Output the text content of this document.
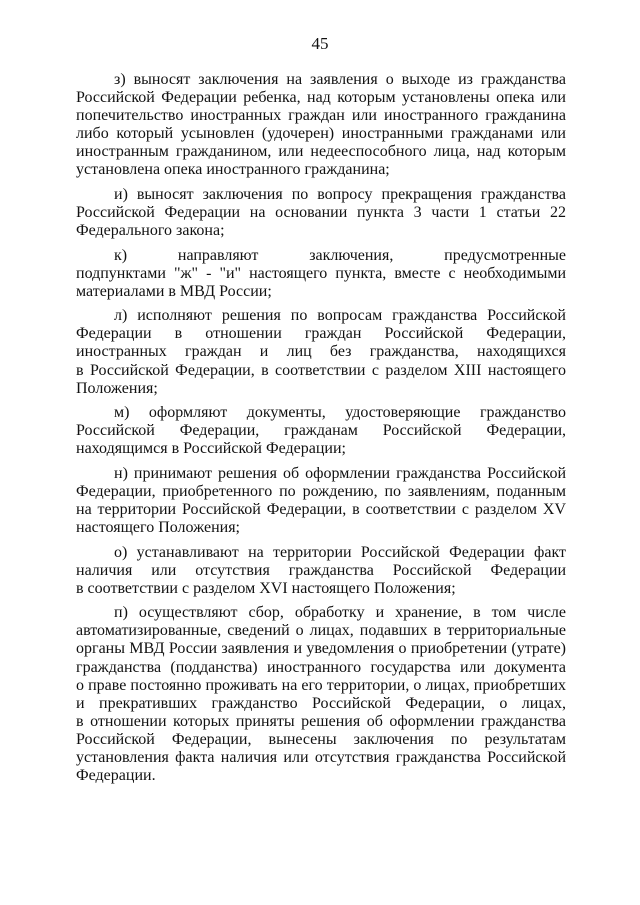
45
з) выносят заключения на заявления о выходе из гражданства
Российской Федерации ребенка, над которым установлены опека или
попечительство иностранных граждан или иностранного гражданина
либо который усыновлен (удочерен) иностранными гражданами или
иностранным гражданином, или недееспособного лица, над которым
установлена опека иностранного гражданина;
и) выносят заключения по вопросу прекращения гражданства
Российской Федерации на основании пункта 3 части 1 статьи 22
Федерального закона;
к) направляют заключения, предусмотренные
подпунктами "ж" - "и" настоящего пункта, вместе с необходимыми
материалами в МВД России;
л) исполняют решения по вопросам гражданства Российской
Федерации в отношении граждан Российской Федерации,
иностранных граждан и лиц без гражданства, находящихся
в Российской Федерации, в соответствии с разделом XIII настоящего
Положения;
м) оформляют документы, удостоверяющие гражданство
Российской Федерации, гражданам Российской Федерации,
находящимся в Российской Федерации;
н) принимают решения об оформлении гражданства Российской
Федерации, приобретенного по рождению, по заявлениям, поданным
на территории Российской Федерации, в соответствии с разделом XV
настоящего Положения;
о) устанавливают на территории Российской Федерации факт
наличия или отсутствия гражданства Российской Федерации
в соответствии с разделом XVI настоящего Положения;
п) осуществляют сбор, обработку и хранение, в том числе
автоматизированные, сведений о лицах, подавших в территориальные
органы МВД России заявления и уведомления о приобретении (утрате)
гражданства (подданства) иностранного государства или документа
о праве постоянно проживать на его территории, о лицах, приобретших
и прекративших гражданство Российской Федерации, о лицах,
в отношении которых приняты решения об оформлении гражданства
Российской Федерации, вынесены заключения по результатам
установления факта наличия или отсутствия гражданства Российской
Федерации.
